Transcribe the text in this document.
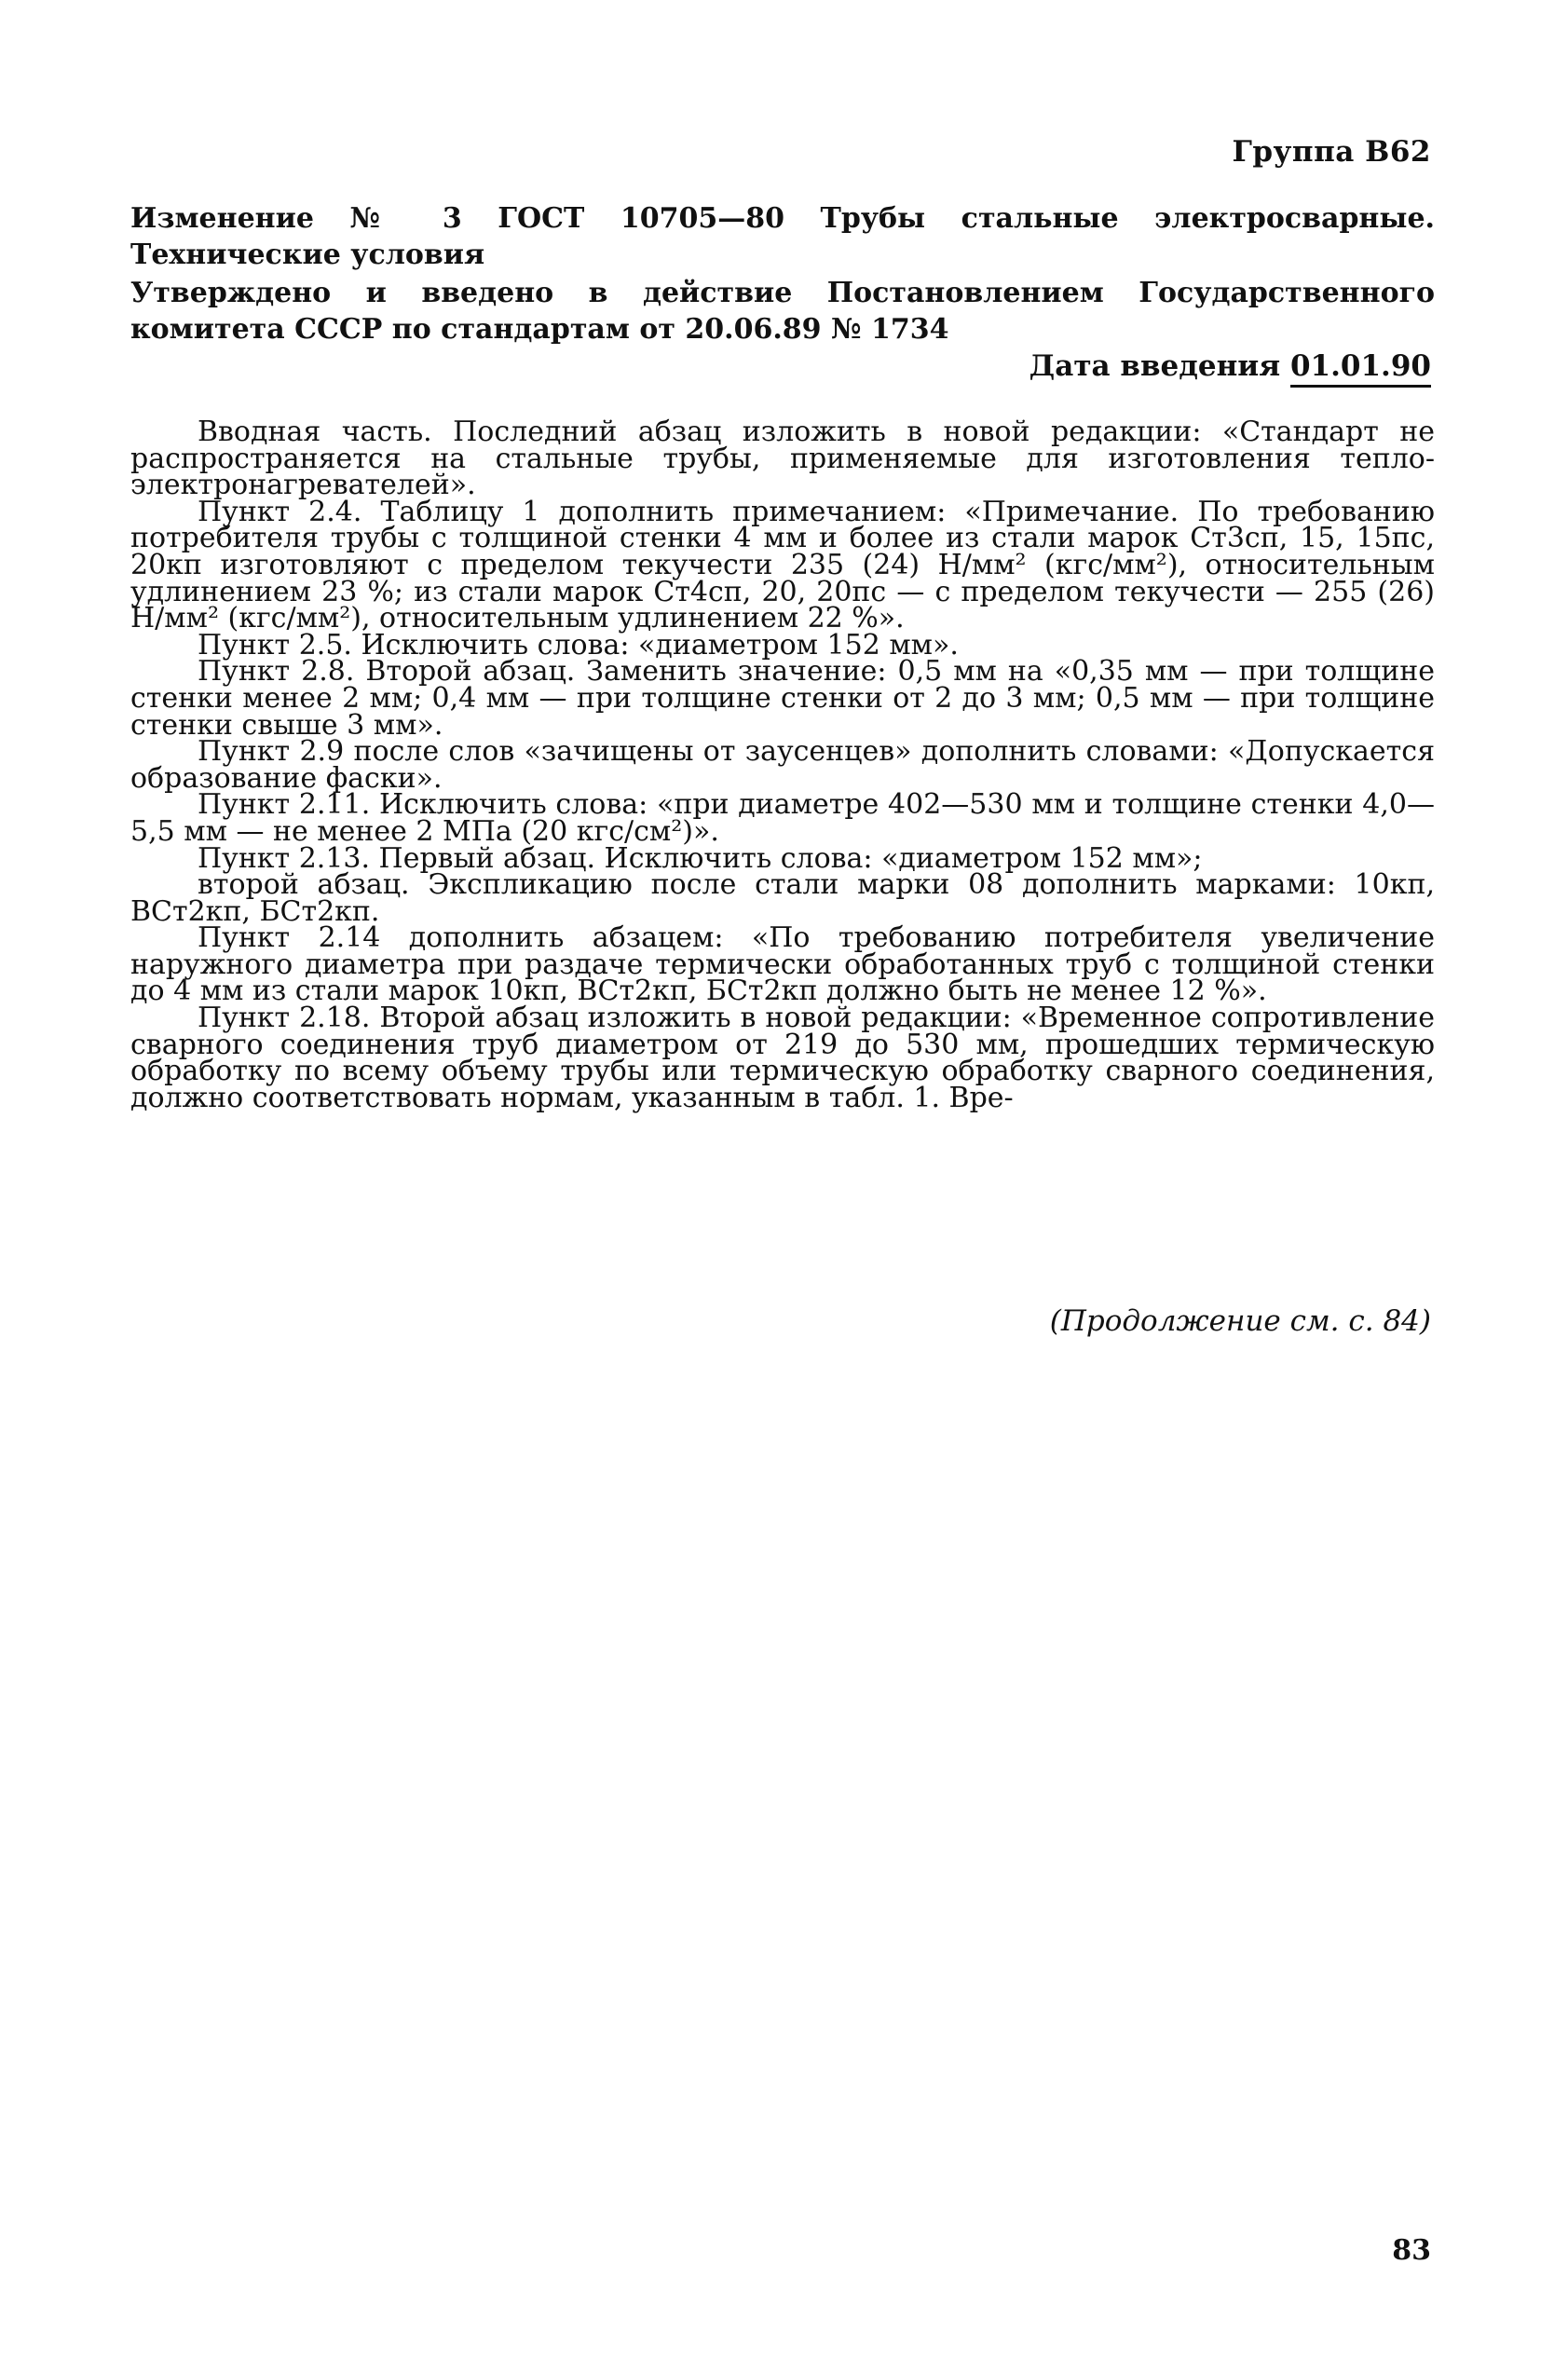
Группа В62
Изменение № 3 ГОСТ 10705—80 Трубы стальные электросварные. Технические условия
Утверждено и введено в действие Постановлением Государственного комитета СССР по стандартам от 20.06.89 № 1734
Дата введения 01.01.90

Вводная часть. Последний абзац изложить в новой редакции: «Стандарт не распространяется на стальные трубы, применяемые для изготовления тепло-электронагревателей».

Пункт 2.4. Таблицу 1 дополнить примечанием: «Примечание. По требованию потребителя трубы с толщиной стенки 4 мм и более из стали марок Ст3сп, 15, 15пс, 20кп изготовляют с пределом текучести 235 (24) Н/мм² (кгс/мм²), относительным удлинением 23 %; из стали марок Ст4сп, 20, 20пс — с пределом текучести — 255 (26) Н/мм² (кгс/мм²), относительным удлинением 22 %».

Пункт 2.5. Исключить слова: «диаметром 152 мм».

Пункт 2.8. Второй абзац. Заменить значение: 0,5 мм на «0,35 мм — при толщине стенки менее 2 мм; 0,4 мм — при толщине стенки от 2 до 3 мм; 0,5 мм — при толщине стенки свыше 3 мм».

Пункт 2.9 после слов «зачищены от заусенцев» дополнить словами: «Допускается образование фаски».

Пункт 2.11. Исключить слова: «при диаметре 402—530 мм и толщине стенки 4,0—5,5 мм — не менее 2 МПа (20 кгс/см²)».

Пункт 2.13. Первый абзац. Исключить слова: «диаметром 152 мм»;

второй абзац. Экспликацию после стали марки 08 дополнить марками: 10кп, ВСт2кп, БСт2кп.

Пункт 2.14 дополнить абзацем: «По требованию потребителя увеличение наружного диаметра при раздаче термически обработанных труб с толщиной стенки до 4 мм из стали марок 10кп, ВСт2кп, БСт2кп должно быть не менее 12 %».

Пункт 2.18. Второй абзац изложить в новой редакции: «Временное сопротивление сварного соединения труб диаметром от 219 до 530 мм, прошедших термическую обработку по всему объему трубы или термическую обработку сварного соединения, должно соответствовать нормам, указанным в табл. 1. Вре-

(Продолжение см. с. 84)
83
